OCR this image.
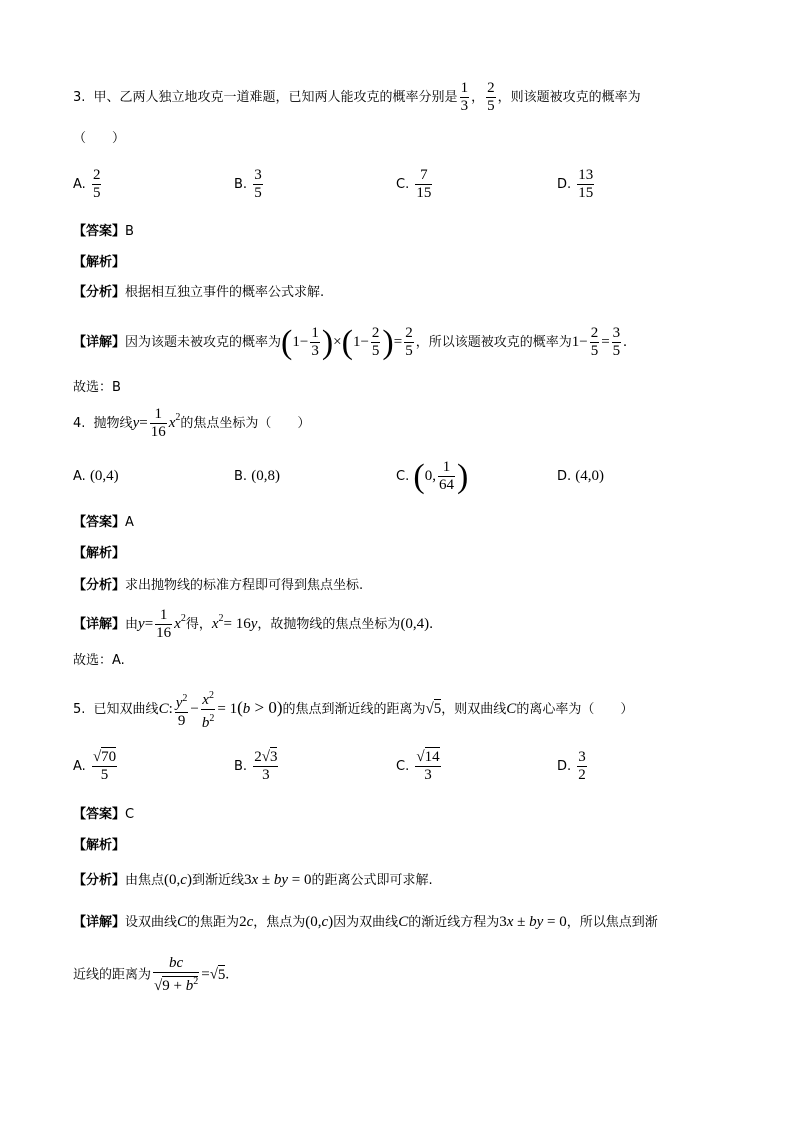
3. 甲、乙两人独立地攻克一道难题，已知两人能攻克的概率分别是 $\frac{1}{3}$ ， $\frac{2}{5}$ ，则该题被攻克的概率为
（　　）
A. $\frac{2}{5}$	B. $\frac{3}{5}$	C. $\frac{7}{15}$	D. $\frac{13}{15}$
【答案】B
【解析】
【分析】根据相互独立事件的概率公式求解.
【详解】因为该题未被攻克的概率为$(1- \frac{1}{3} )\times(1- \frac{2}{5}$ )= $\frac{2}{5}$ ，所以该题被攻克的概率为$1- \frac{2}{5} = \frac{3}{5}$ .
故选：B
4. 抛物线$y= \frac{1}{16} x^2$的焦点坐标为（　　）
A. (0,4)	B. (0,8)	C. (0, $\frac{1}{64}$ )	D. (4,0)
【答案】A
【解析】
【分析】求出抛物线的标准方程即可得到焦点坐标.
【详解】由$y= \frac{1}{16} x^2$得，$x^2= 16y$，故抛物线的焦点坐标为(0,4).
故选：A.
5. 已知双曲线C: $\frac{y^2}{9} - \frac{x^2}{b^2} = 1(b > 0)$的焦点到渐近线的距离为√5，则双曲线C的离心率为（　　）
A. $\frac{√70}{5}$	B. $\frac{2√3}{3}$	C. $\frac{√14}{3}$	D. $\frac{3}{2}$
【答案】C
【解析】
【分析】由焦点(0,c)到渐近线3x ± by = 0的距离公式即可求解.
【详解】设双曲线C的焦距为2c，焦点为(0,c)因为双曲线C的渐近线方程为3x ± by = 0，所以焦点到渐
近线的距离为 $\frac{bc}{√9 + b^2} =√5$.
